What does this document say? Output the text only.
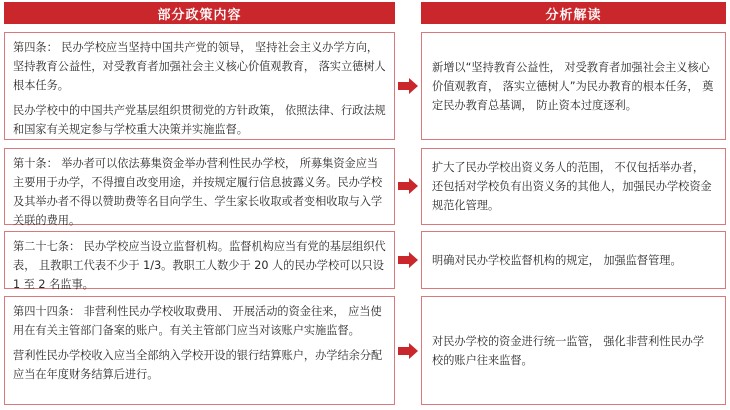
部分政策内容	分析解读

第四条： 民办学校应当坚持中国共产党的领导， 坚持社会主义办学方向，坚持教育公益性，对受教育者加强社会主义核心价值观教育， 落实立德树人根本任务。

民办学校中的中国共产党基层组织贯彻党的方针政策， 依照法律、行政法规和国家有关规定参与学校重大决策并实施监督。

新增以“坚持教育公益性， 对受教育者加强社会主义核心价值观教育， 落实立德树人”为民办教育的根本任务， 奠定民办教育总基调， 防止资本过度逐利。

第十条： 举办者可以依法募集资金举办营利性民办学校， 所募集资金应当主要用于办学，不得擅自改变用途，并按规定履行信息披露义务。民办学校及其举办者不得以赞助费等名目向学生、学生家长收取或者变相收取与入学关联的费用。

扩大了民办学校出资义务人的范围， 不仅包括举办者， 还包括对学校负有出资义务的其他人，加强民办学校资金规范化管理。

第二十七条： 民办学校应当设立监督机构。监督机构应当有党的基层组织代表， 且教职工代表不少于 1/3。教职工人数少于 20 人的民办学校可以只设 1 至 2 名监事。

明确对民办学校监督机构的规定， 加强监督管理。

第四十四条： 非营利性民办学校收取费用、 开展活动的资金往来， 应当使用在有关主管部门备案的账户。有关主管部门应当对该账户实施监督。

营利性民办学校收入应当全部纳入学校开设的银行结算账户，办学结余分配应当在年度财务结算后进行。

对民办学校的资金进行统一监管， 强化非营利性民办学校的账户往来监督。
